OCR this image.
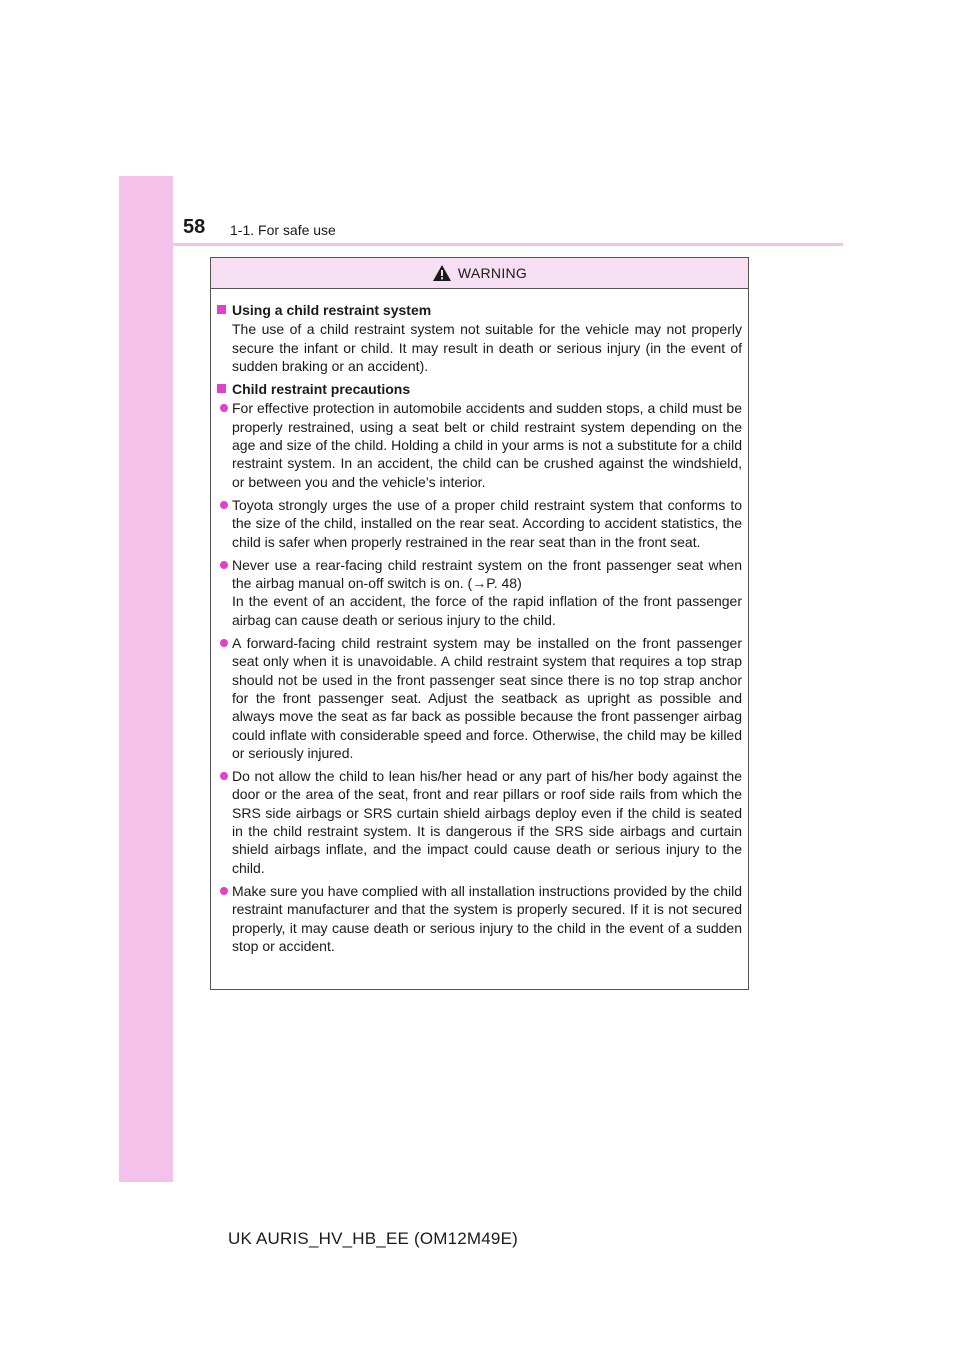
58 1-1. For safe use
WARNING
Using a child restraint system

The use of a child restraint system not suitable for the vehicle may not properly secure the infant or child. It may result in death or serious injury (in the event of sudden braking or an accident).

Child restraint precautions
For effective protection in automobile accidents and sudden stops, a child must be properly restrained, using a seat belt or child restraint system depending on the age and size of the child. Holding a child in your arms is not a substitute for a child restraint system. In an accident, the child can be crushed against the windshield, or between you and the vehicle’s interior.
Toyota strongly urges the use of a proper child restraint system that conforms to the size of the child, installed on the rear seat. According to accident statistics, the child is safer when properly restrained in the rear seat than in the front seat.
Never use a rear-facing child restraint system on the front passenger seat when the airbag manual on-off switch is on. (→P. 48)
In the event of an accident, the force of the rapid inflation of the front passenger airbag can cause death or serious injury to the child.
A forward-facing child restraint system may be installed on the front passenger seat only when it is unavoidable. A child restraint system that requires a top strap should not be used in the front passenger seat since there is no top strap anchor for the front passenger seat. Adjust the seatback as upright as possible and always move the seat as far back as possible because the front passenger airbag could inflate with considerable speed and force. Otherwise, the child may be killed or seriously injured.
Do not allow the child to lean his/her head or any part of his/her body against the door or the area of the seat, front and rear pillars or roof side rails from which the SRS side airbags or SRS curtain shield airbags deploy even if the child is seated in the child restraint system. It is dangerous if the SRS side airbags and curtain shield airbags inflate, and the impact could cause death or serious injury to the child.
Make sure you have complied with all installation instructions provided by the child restraint manufacturer and that the system is properly secured. If it is not secured properly, it may cause death or serious injury to the child in the event of a sudden stop or accident.
UK AURIS_HV_HB_EE (OM12M49E)
